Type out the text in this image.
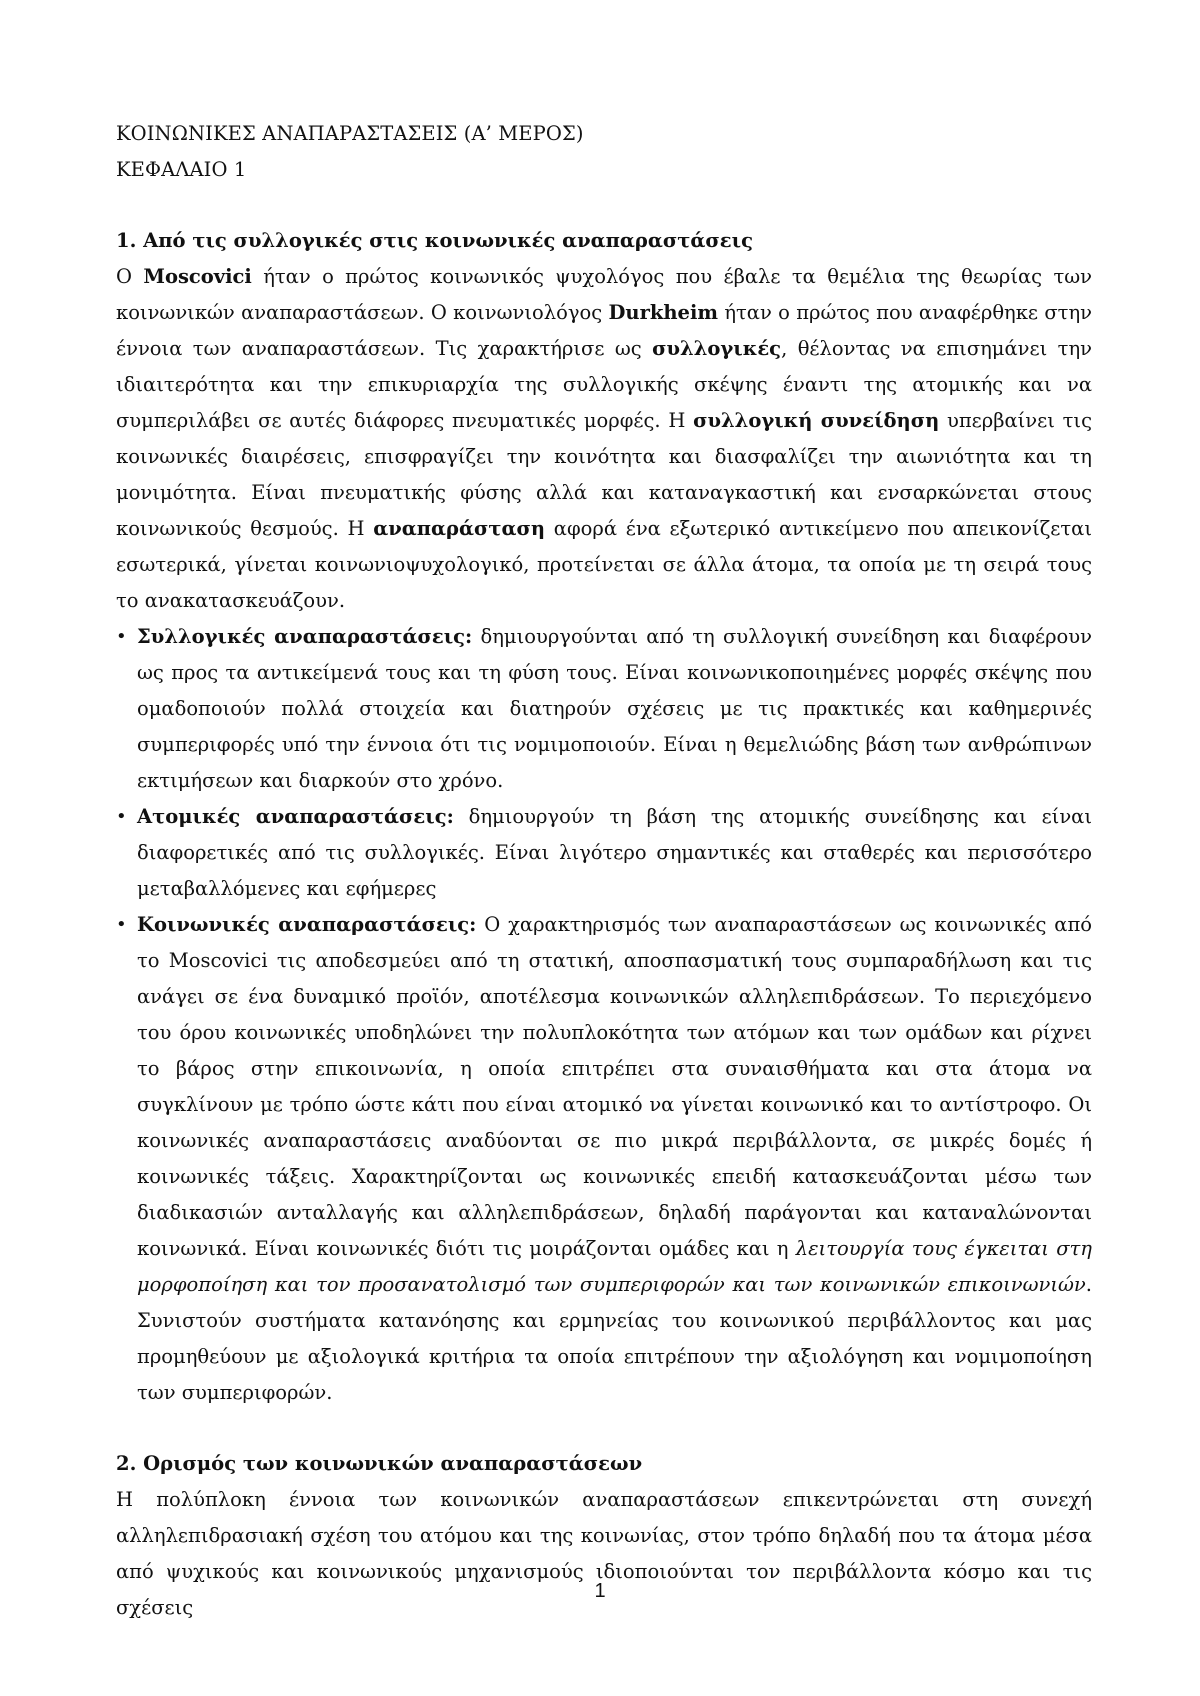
ΚΟΙΝΩΝΙΚΕΣ ΑΝΑΠΑΡΑΣΤΑΣΕΙΣ (Α’ ΜΕΡΟΣ)
ΚΕΦΑΛΑΙΟ 1
1. Από τις συλλογικές στις κοινωνικές αναπαραστάσεις

Ο Moscovici ήταν ο πρώτος κοινωνικός ψυχολόγος που έβαλε τα θεμέλια της θεωρίας των κοινωνικών αναπαραστάσεων. Ο κοινωνιολόγος Durkheim ήταν ο πρώτος που αναφέρθηκε στην έννοια των αναπαραστάσεων. Τις χαρακτήρισε ως συλλογικές, θέλοντας να επισημάνει την ιδιαιτερότητα και την επικυριαρχία της συλλογικής σκέψης έναντι της ατομικής και να συμπεριλάβει σε αυτές διάφορες πνευματικές μορφές. Η συλλογική συνείδηση υπερβαίνει τις κοινωνικές διαιρέσεις, επισφραγίζει την κοινότητα και διασφαλίζει την αιωνιότητα και τη μονιμότητα. Είναι πνευματικής φύσης αλλά και καταναγκαστική και ενσαρκώνεται στους κοινωνικούς θεσμούς. Η αναπαράσταση αφορά ένα εξωτερικό αντικείμενο που απεικονίζεται εσωτερικά, γίνεται κοινωνιοψυχολογικό, προτείνεται σε άλλα άτομα, τα οποία με τη σειρά τους το ανακατασκευάζουν.

• Συλλογικές αναπαραστάσεις: δημιουργούνται από τη συλλογική συνείδηση και διαφέρουν ως προς τα αντικείμενά τους και τη φύση τους. Είναι κοινωνικοποιημένες μορφές σκέψης που ομαδοποιούν πολλά στοιχεία και διατηρούν σχέσεις με τις πρακτικές και καθημερινές συμπεριφορές υπό την έννοια ότι τις νομιμοποιούν. Είναι η θεμελιώδης βάση των ανθρώπινων εκτιμήσεων και διαρκούν στο χρόνο.
• Ατομικές αναπαραστάσεις: δημιουργούν τη βάση της ατομικής συνείδησης και είναι διαφορετικές από τις συλλογικές. Είναι λιγότερο σημαντικές και σταθερές και περισσότερο μεταβαλλόμενες και εφήμερες
• Κοινωνικές αναπαραστάσεις: Ο χαρακτηρισμός των αναπαραστάσεων ως κοινωνικές από το Moscovici τις αποδεσμεύει από τη στατική, αποσπασματική τους συμπαραδήλωση και τις ανάγει σε ένα δυναμικό προϊόν, αποτέλεσμα κοινωνικών αλληλεπιδράσεων. Το περιεχόμενο του όρου κοινωνικές υποδηλώνει την πολυπλοκότητα των ατόμων και των ομάδων και ρίχνει το βάρος στην επικοινωνία, η οποία επιτρέπει στα συναισθήματα και στα άτομα να συγκλίνουν με τρόπο ώστε κάτι που είναι ατομικό να γίνεται κοινωνικό και το αντίστροφο. Οι κοινωνικές αναπαραστάσεις αναδύονται σε πιο μικρά περιβάλλοντα, σε μικρές δομές ή κοινωνικές τάξεις. Χαρακτηρίζονται ως κοινωνικές επειδή κατασκευάζονται μέσω των διαδικασιών ανταλλαγής και αλληλεπιδράσεων, δηλαδή παράγονται και καταναλώνονται κοινωνικά. Είναι κοινωνικές διότι τις μοιράζονται ομάδες και η λειτουργία τους έγκειται στη μορφοποίηση και τον προσανατολισμό των συμπεριφορών και των κοινωνικών επικοινωνιών. Συνιστούν συστήματα κατανόησης και ερμηνείας του κοινωνικού περιβάλλοντος και μας προμηθεύουν με αξιολογικά κριτήρια τα οποία επιτρέπουν την αξιολόγηση και νομιμοποίηση των συμπεριφορών.
2. Ορισμός των κοινωνικών αναπαραστάσεων

Η πολύπλοκη έννοια των κοινωνικών αναπαραστάσεων επικεντρώνεται στη συνεχή αλληλεπιδρασιακή σχέση του ατόμου και της κοινωνίας, στον τρόπο δηλαδή που τα άτομα μέσα από ψυχικούς και κοινωνικούς μηχανισμούς ιδιοποιούνται τον περιβάλλοντα κόσμο και τις σχέσεις

1
